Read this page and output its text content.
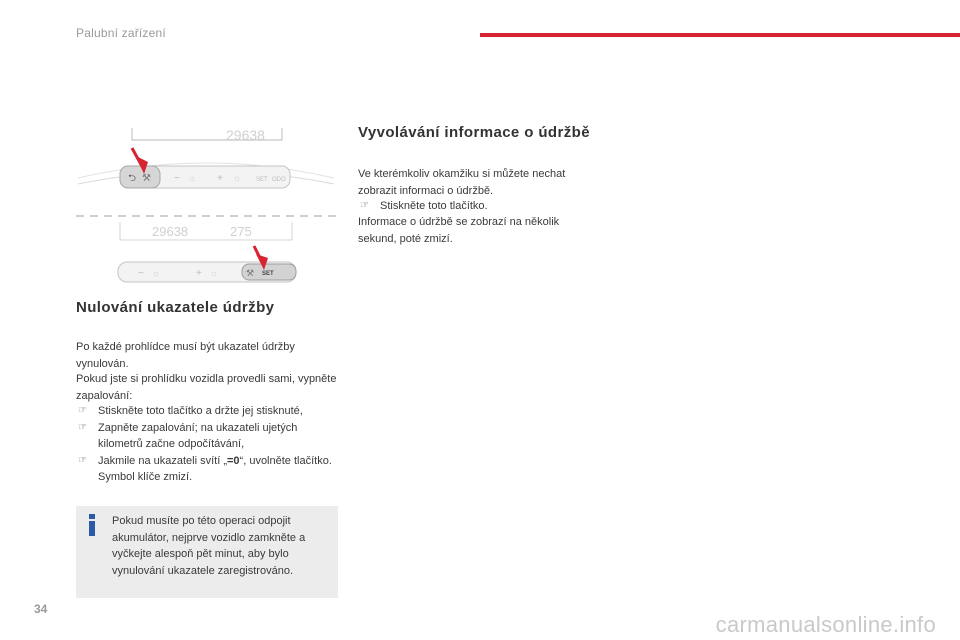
Palubní zařízení
29638
⮌ ⚒ − ☼ + ☼ SET ODO
29638	275
− ☼	+ ☼	⚒ SET
Nulování ukazatele údržby

Po každé prohlídce musí být ukazatel údržby vynulován.

Pokud jste si prohlídku vozidla provedli sami, vypněte zapalování:

☞ Stiskněte toto tlačítko a držte jej stisknuté,
☞ Zapněte zapalování; na ukazateli ujetých kilometrů začne odpočítávání,
☞ Jakmile na ukazateli svítí „=0“, uvolněte tlačítko. Symbol klíče zmizí.

Pokud musíte po této operaci odpojit akumulátor, nejprve vozidlo zamkněte a vyčkejte alespoň pět minut, aby bylo vynulování ukazatele zaregistrováno.

Vyvolávání informace o údržbě

Ve kterémkoliv okamžiku si můžete nechat zobrazit informaci o údržbě.

☞ Stiskněte toto tlačítko.

Informace o údržbě se zobrazí na několik sekund, poté zmizí.

34
carmanualsonline.info
